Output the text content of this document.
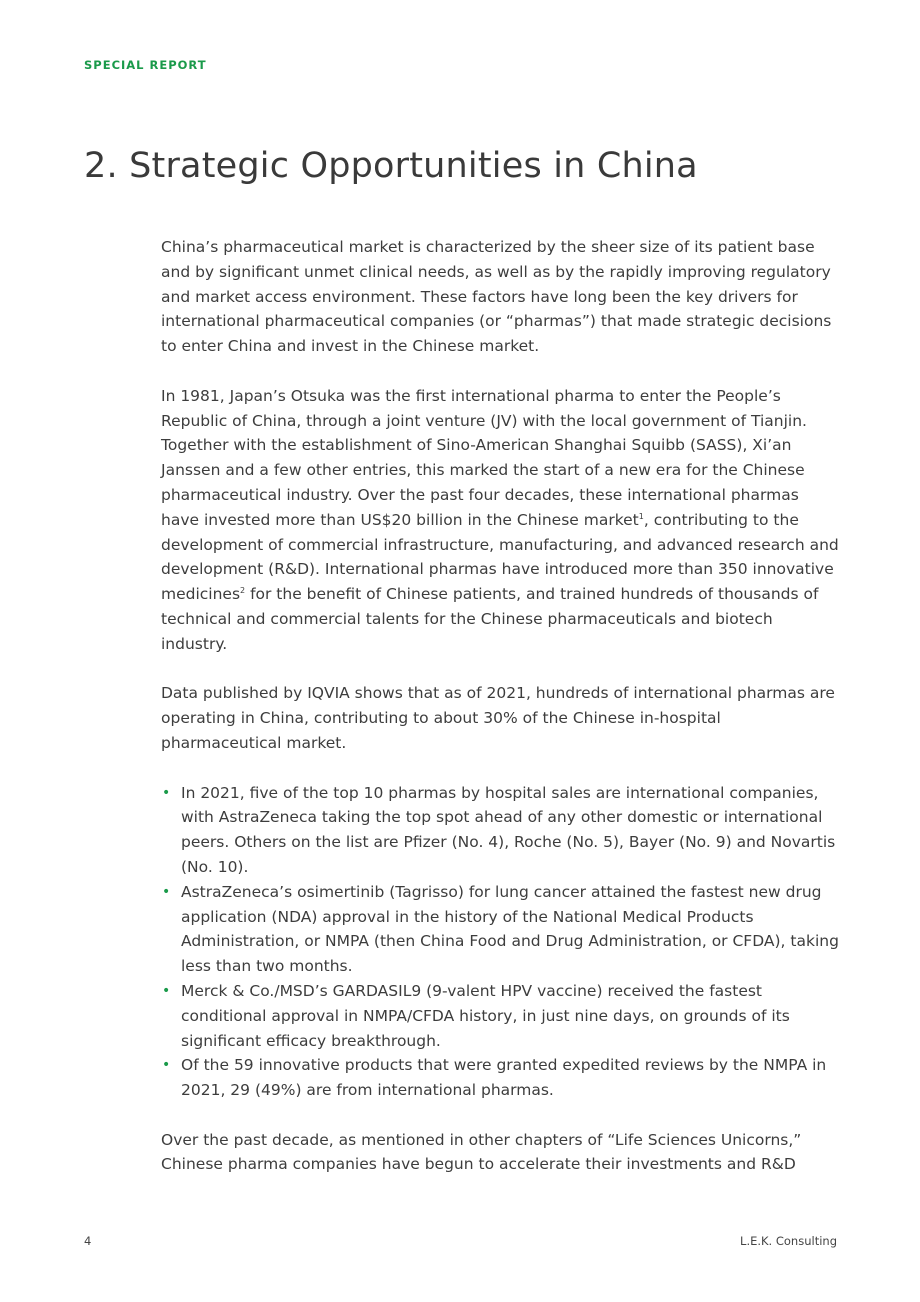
SPECIAL REPORT
2. Strategic Opportunities in China

China’s pharmaceutical market is characterized by the sheer size of its patient base and by significant unmet clinical needs, as well as by the rapidly improving regulatory and market access environment. These factors have long been the key drivers for international pharmaceutical companies (or “pharmas”) that made strategic decisions to enter China and invest in the Chinese market.

In 1981, Japan’s Otsuka was the first international pharma to enter the People’s Republic of China, through a joint venture (JV) with the local government of Tianjin. Together with the establishment of Sino-American Shanghai Squibb (SASS), Xi’an Janssen and a few other entries, this marked the start of a new era for the Chinese pharmaceutical industry. Over the past four decades, these international pharmas have invested more than US$20 billion in the Chinese market$^1$, contributing to the development of commercial infrastructure, manufacturing, and advanced research and development (R&D). International pharmas have introduced more than 350 innovative medicines$^2$ for the benefit of Chinese patients, and trained hundreds of thousands of technical and commercial talents for the Chinese pharmaceuticals and biotech industry.

Data published by IQVIA shows that as of 2021, hundreds of international pharmas are operating in China, contributing to about 30% of the Chinese in-hospital pharmaceutical market.

• In 2021, five of the top 10 pharmas by hospital sales are international companies, with AstraZeneca taking the top spot ahead of any other domestic or international peers. Others on the list are Pfizer (No. 4), Roche (No. 5), Bayer (No. 9) and Novartis (No. 10).
• AstraZeneca’s osimertinib (Tagrisso) for lung cancer attained the fastest new drug application (NDA) approval in the history of the National Medical Products Administration, or NMPA (then China Food and Drug Administration, or CFDA), taking less than two months.
• Merck & Co./MSD’s GARDASIL9 (9-valent HPV vaccine) received the fastest conditional approval in NMPA/CFDA history, in just nine days, on grounds of its significant efficacy breakthrough.
• Of the 59 innovative products that were granted expedited reviews by the NMPA in 2021, 29 (49%) are from international pharmas.

Over the past decade, as mentioned in other chapters of “Life Sciences Unicorns,” Chinese pharma companies have begun to accelerate their investments and R&D

4	L.E.K. Consulting
